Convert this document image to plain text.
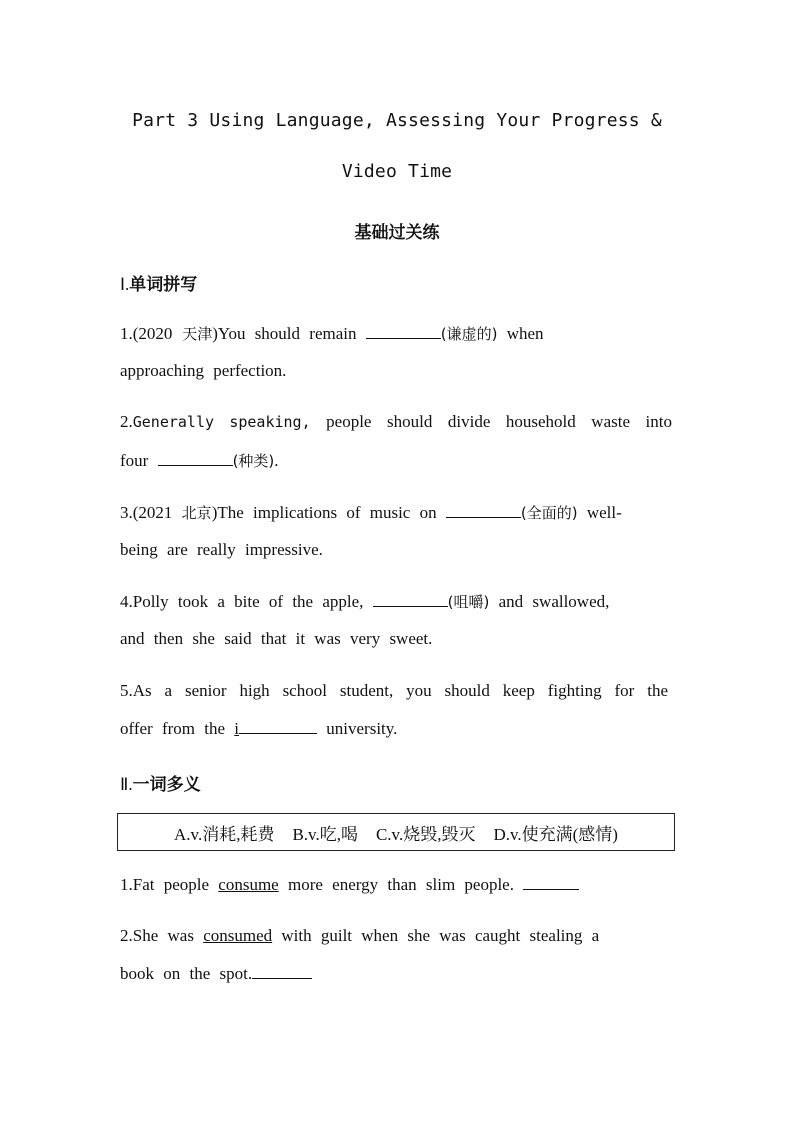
Part 3 Using Language, Assessing Your Progress &
Video Time
基础过关练
Ⅰ.单词拼写
1.(2020 天津)You should remain	(谦虚的) when
approaching perfection.
2.Generally speaking, people should divide household waste into
four	(种类).
3.(2021 北京)The implications of music on	(全面的) well-
being are really impressive.
4.Polly took a bite of the apple,	(咀嚼) and swallowed,
and then she said that it was very sweet.
5.As a senior high school student, you should keep fighting for the
offer from the i	university.
Ⅱ.一词多义
A.v.消耗,耗费 B.v.吃,喝 C.v.烧毁,毁灭 D.v.使充满(感情)
1.Fat people consume more energy than slim people.
2.She was consumed with guilt when she was caught stealing a
book on the spot.
